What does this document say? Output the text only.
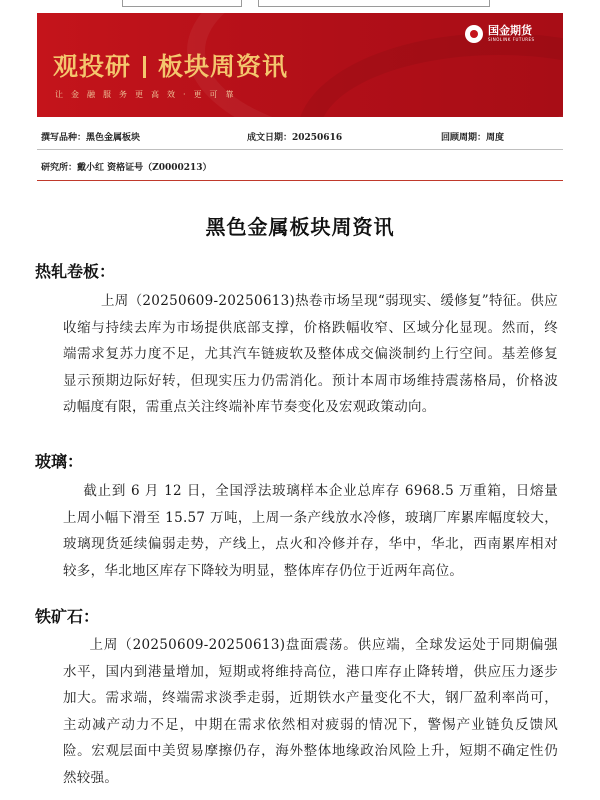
观投研 板块周资讯
让金融服务更高效·更可靠
国金期货
SINOLINK FUTURES
撰写品种：黑色金属板块	成文日期：20250616	回顾周期：周度
研究所：戴小红 资格证号（Z0000213）
黑色金属板块周资讯
热轧卷板：
上周（20250609-20250613)热卷市场呈现“弱现实、缓修复”特征。供应收缩与持续去库为市场提供底部支撑，价格跌幅收窄、区域分化显现。然而，终端需求复苏力度不足，尤其汽车链疲软及整体成交偏淡制约上行空间。基差修复显示预期边际好转，但现实压力仍需消化。预计本周市场维持震荡格局，价格波动幅度有限，需重点关注终端补库节奏变化及宏观政策动向。
玻璃：
截止到 6 月 12 日，全国浮法玻璃样本企业总库存 6968.5 万重箱，日熔量上周小幅下滑至 15.57 万吨，上周一条产线放水冷修，玻璃厂库累库幅度较大，玻璃现货延续偏弱走势，产线上，点火和冷修并存，华中，华北，西南累库相对较多，华北地区库存下降较为明显，整体库存仍位于近两年高位。
铁矿石：
上周（20250609-20250613)盘面震荡。供应端，全球发运处于同期偏强水平，国内到港量增加，短期或将维持高位，港口库存止降转增，供应压力逐步加大。需求端，终端需求淡季走弱，近期铁水产量变化不大，钢厂盈利率尚可，主动减产动力不足，中期在需求依然相对疲弱的情况下，警惕产业链负反馈风险。宏观层面中美贸易摩擦仍存，海外整体地缘政治风险上升，短期不确定性仍然较强。
